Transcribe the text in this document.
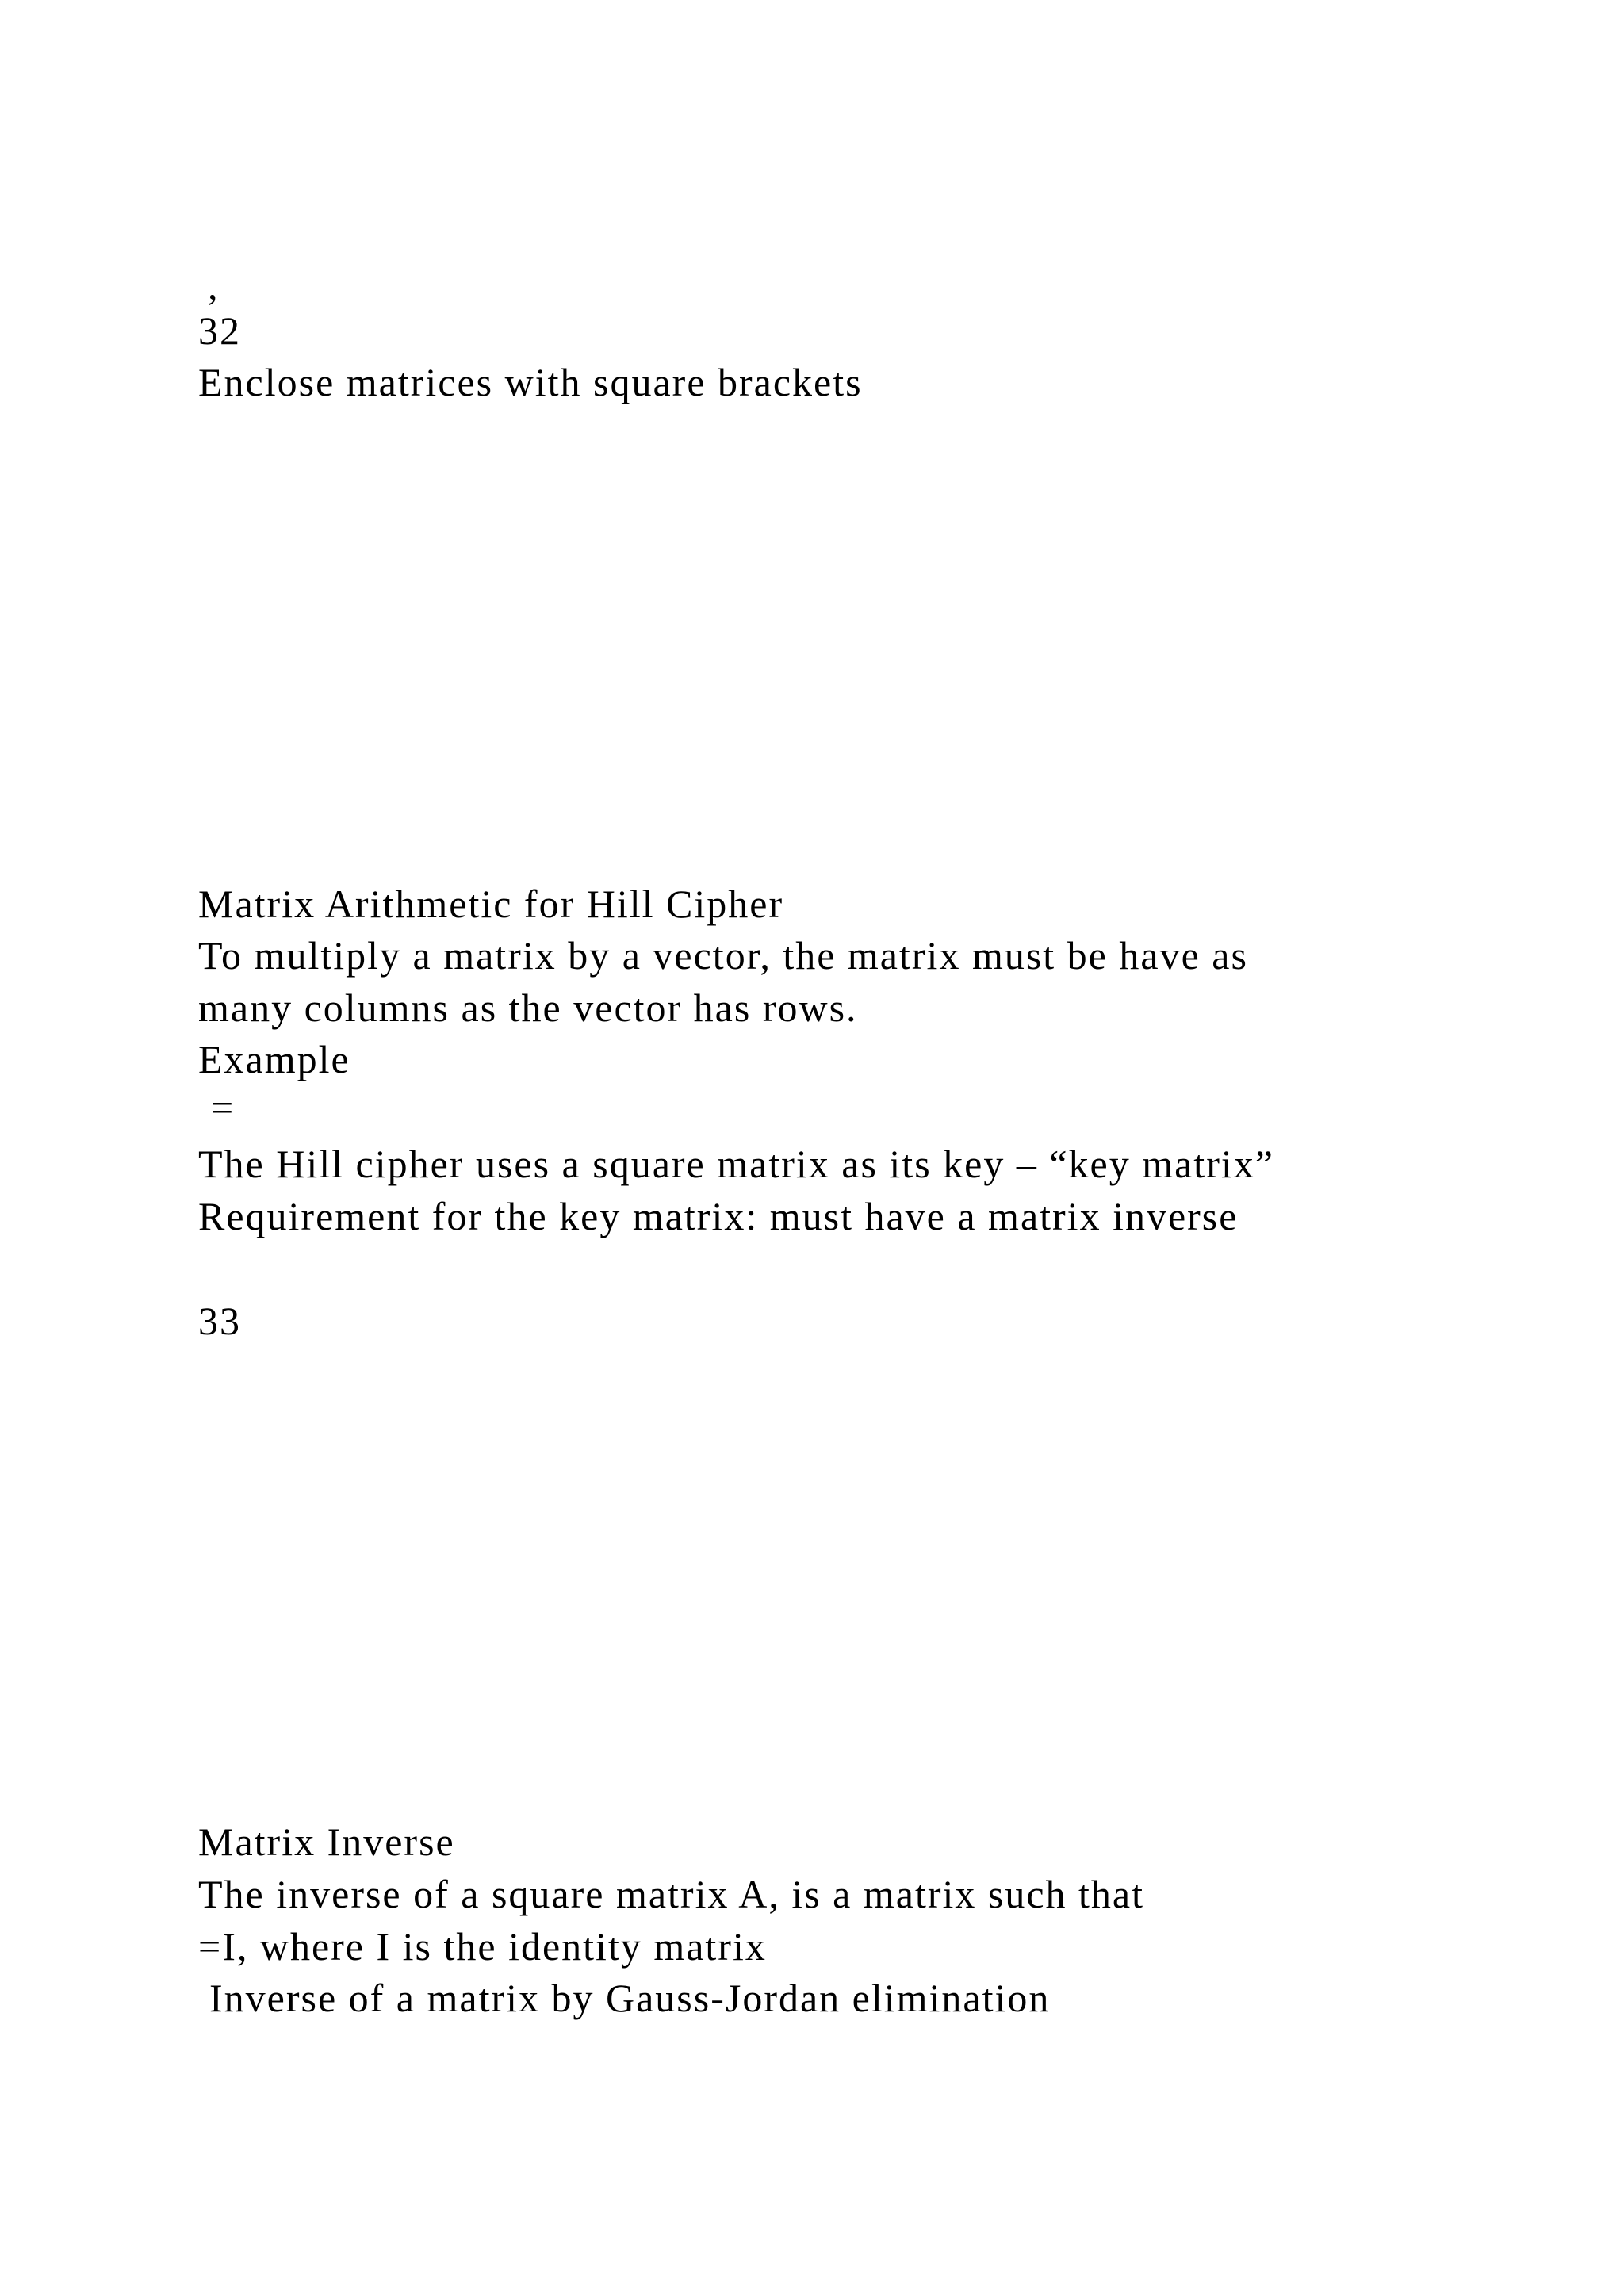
,
32
Enclose matrices with square brackets
Matrix Arithmetic for Hill Cipher
To multiply a matrix by a vector, the matrix must be have as
many columns as the vector has rows.
Example
=
The Hill cipher uses a square matrix as its key – “key matrix”
Requirement for the key matrix: must have a matrix inverse
33
Matrix Inverse
The inverse of a square matrix A, is a matrix such that
=I, where I is the identity matrix
Inverse of a matrix by Gauss-Jordan elimination
